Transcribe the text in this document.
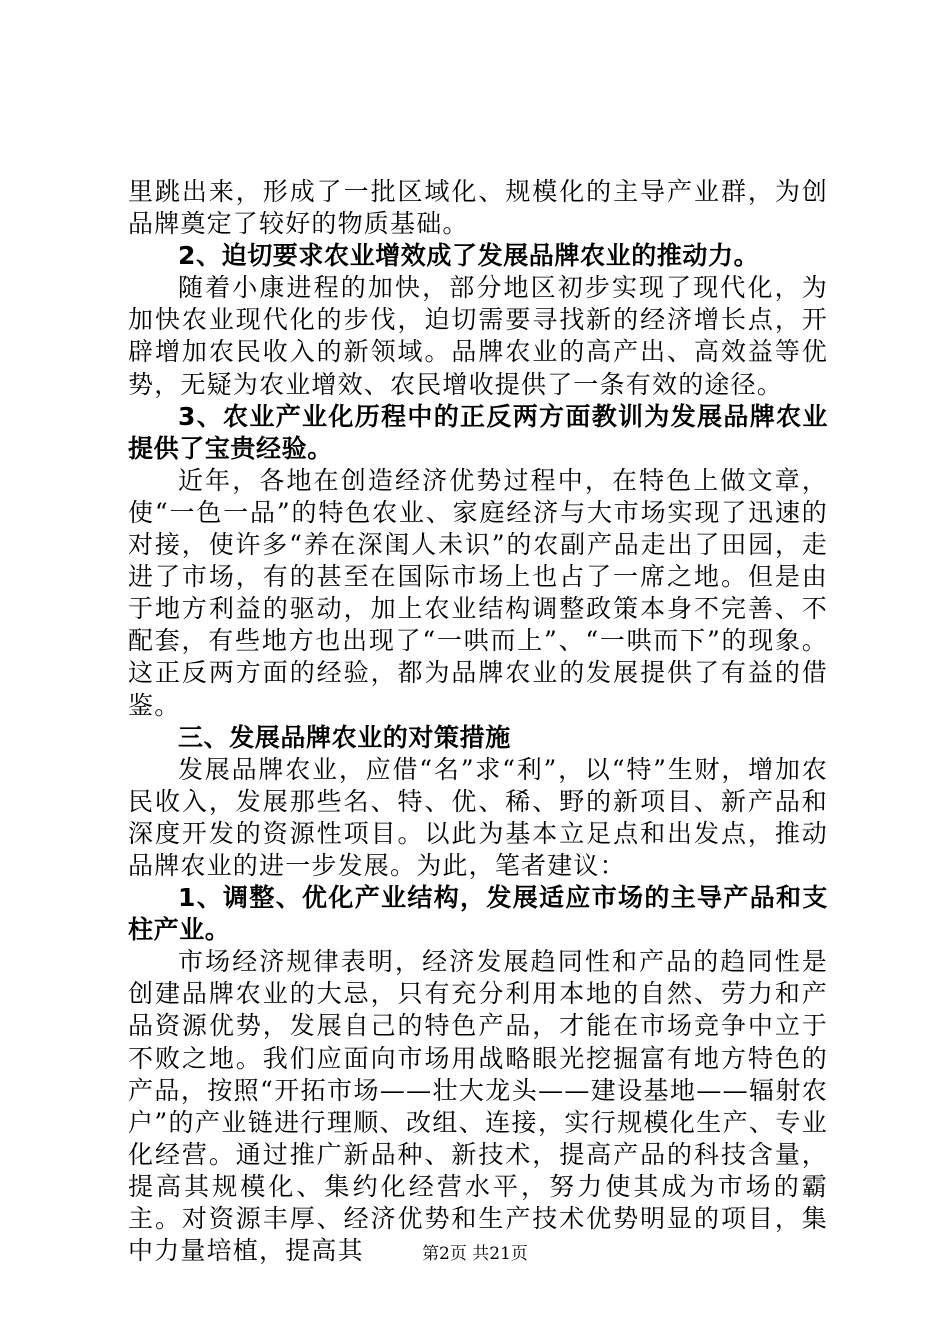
里跳出来，形成了一批区域化、规模化的主导产业群，为创品牌奠定了较好的物质基础。

2、迫切要求农业增效成了发展品牌农业的推动力。

随着小康进程的加快，部分地区初步实现了现代化，为加快农业现代化的步伐，迫切需要寻找新的经济增长点，开辟增加农民收入的新领域。品牌农业的高产出、高效益等优势，无疑为农业增效、农民增收提供了一条有效的途径。

3、农业产业化历程中的正反两方面教训为发展品牌农业提供了宝贵经验。

近年，各地在创造经济优势过程中，在特色上做文章，使“一色一品”的特色农业、家庭经济与大市场实现了迅速的对接，使许多“养在深闺人未识”的农副产品走出了田园，走进了市场，有的甚至在国际市场上也占了一席之地。但是由于地方利益的驱动，加上农业结构调整政策本身不完善、不配套，有些地方也出现了“一哄而上”、“一哄而下”的现象。这正反两方面的经验，都为品牌农业的发展提供了有益的借鉴。

三、发展品牌农业的对策措施

发展品牌农业，应借“名”求“利”，以“特”生财，增加农民收入，发展那些名、特、优、稀、野的新项目、新产品和深度开发的资源性项目。以此为基本立足点和出发点，推动品牌农业的进一步发展。为此，笔者建议：

1、调整、优化产业结构，发展适应市场的主导产品和支柱产业。

市场经济规律表明，经济发展趋同性和产品的趋同性是创建品牌农业的大忌，只有充分利用本地的自然、劳力和产品资源优势，发展自己的特色产品，才能在市场竞争中立于不败之地。我们应面向市场用战略眼光挖掘富有地方特色的产品，按照“开拓市场——壮大龙头——建设基地——辐射农户”的产业链进行理顺、改组、连接，实行规模化生产、专业化经营。通过推广新品种、新技术，提高产品的科技含量，提高其规模化、集约化经营水平，努力使其成为市场的霸主。对资源丰厚、经济优势和生产技术优势明显的项目，集中力量培植，提高其	第2页 共21页
